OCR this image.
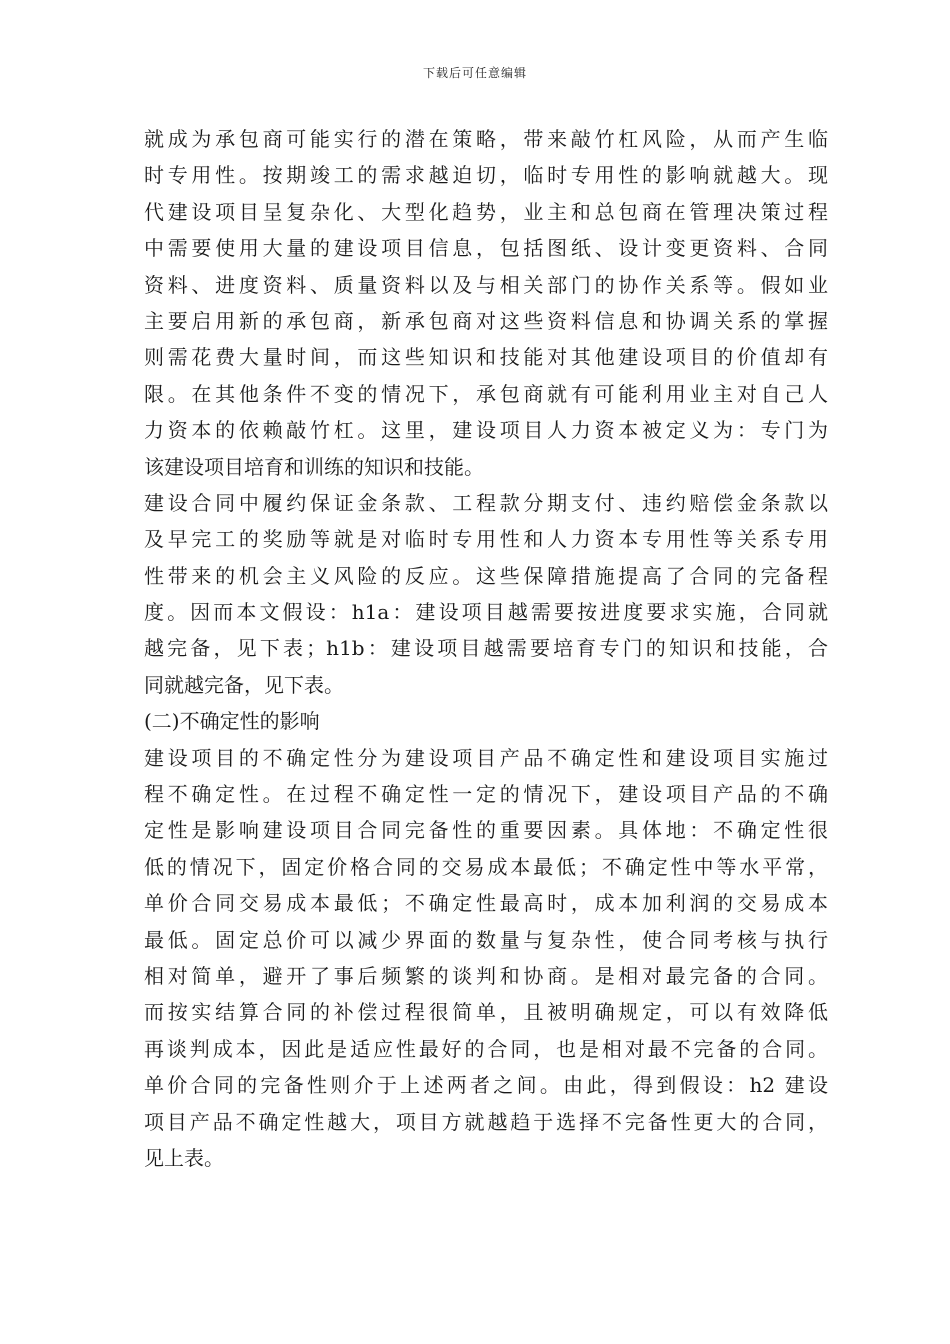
下载后可任意编辑
就成为承包商可能实行的潜在策略，带来敲竹杠风险，从而产生临
时专用性。按期竣工的需求越迫切，临时专用性的影响就越大。现
代建设项目呈复杂化、大型化趋势，业主和总包商在管理决策过程
中需要使用大量的建设项目信息，包括图纸、设计变更资料、合同
资料、进度资料、质量资料以及与相关部门的协作关系等。假如业
主要启用新的承包商，新承包商对这些资料信息和协调关系的掌握
则需花费大量时间，而这些知识和技能对其他建设项目的价值却有
限。在其他条件不变的情况下，承包商就有可能利用业主对自己人
力资本的依赖敲竹杠。这里，建设项目人力资本被定义为：专门为
该建设项目培育和训练的知识和技能。
建设合同中履约保证金条款、工程款分期支付、违约赔偿金条款以
及早完工的奖励等就是对临时专用性和人力资本专用性等关系专用
性带来的机会主义风险的反应。这些保障措施提高了合同的完备程
度。因而本文假设：h1a：建设项目越需要按进度要求实施，合同就
越完备，见下表；h1b：建设项目越需要培育专门的知识和技能，合
同就越完备，见下表。
(二)不确定性的影响
建设项目的不确定性分为建设项目产品不确定性和建设项目实施过
程不确定性。在过程不确定性一定的情况下，建设项目产品的不确
定性是影响建设项目合同完备性的重要因素。具体地：不确定性很
低的情况下，固定价格合同的交易成本最低；不确定性中等水平常，
单价合同交易成本最低；不确定性最高时，成本加利润的交易成本
最低。固定总价可以减少界面的数量与复杂性，使合同考核与执行
相对简单，避开了事后频繁的谈判和协商。是相对最完备的合同。
而按实结算合同的补偿过程很简单，且被明确规定，可以有效降低
再谈判成本，因此是适应性最好的合同，也是相对最不完备的合同。
单价合同的完备性则介于上述两者之间。由此，得到假设：h2 建设
项目产品不确定性越大，项目方就越趋于选择不完备性更大的合同，
见上表。
